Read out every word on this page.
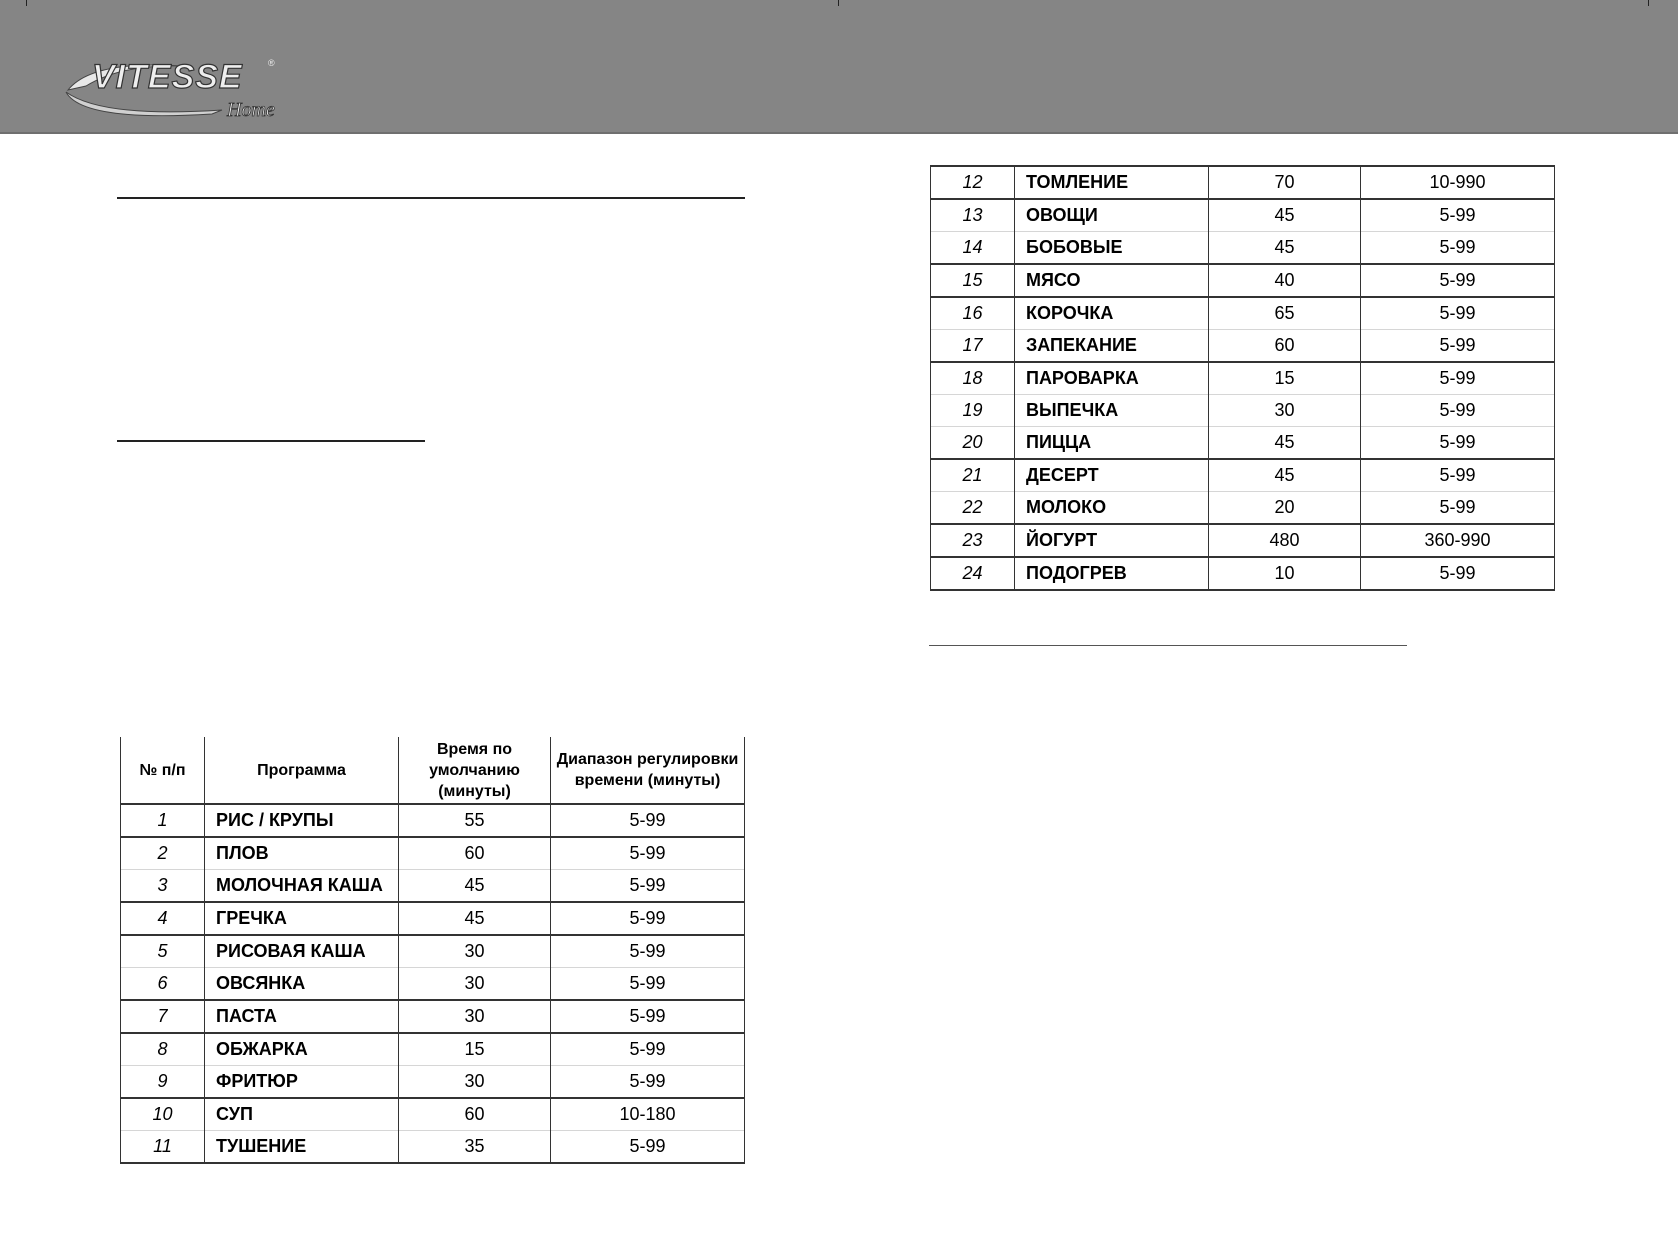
VITESSE	®
Home
№ п/п	Программа	Время по умолчанию (минуты)	Диапазон регулировки времени (минуты)
1	РИС / КРУПЫ	55	5-99
2	ПЛОВ	60	5-99
3	МОЛОЧНАЯ КАША	45	5-99
4	ГРЕЧКА	45	5-99
5	РИСОВАЯ КАША	30	5-99
6	ОВСЯНКА	30	5-99
7	ПАСТА	30	5-99
8	ОБЖАРКА	15	5-99
9	ФРИТЮР	30	5-99
10	СУП	60	10-180
11	ТУШЕНИЕ	35	5-99
12	ТОМЛЕНИЕ	70	10-990
13	ОВОЩИ	45	5-99
14	БОБОВЫЕ	45	5-99
15	МЯСО	40	5-99
16	КОРОЧКА	65	5-99
17	ЗАПЕКАНИЕ	60	5-99
18	ПАРОВАРКА	15	5-99
19	ВЫПЕЧКА	30	5-99
20	ПИЦЦА	45	5-99
21	ДЕСЕРТ	45	5-99
22	МОЛОКО	20	5-99
23	ЙОГУРТ	480	360-990
24	ПОДОГРЕВ	10	5-99
